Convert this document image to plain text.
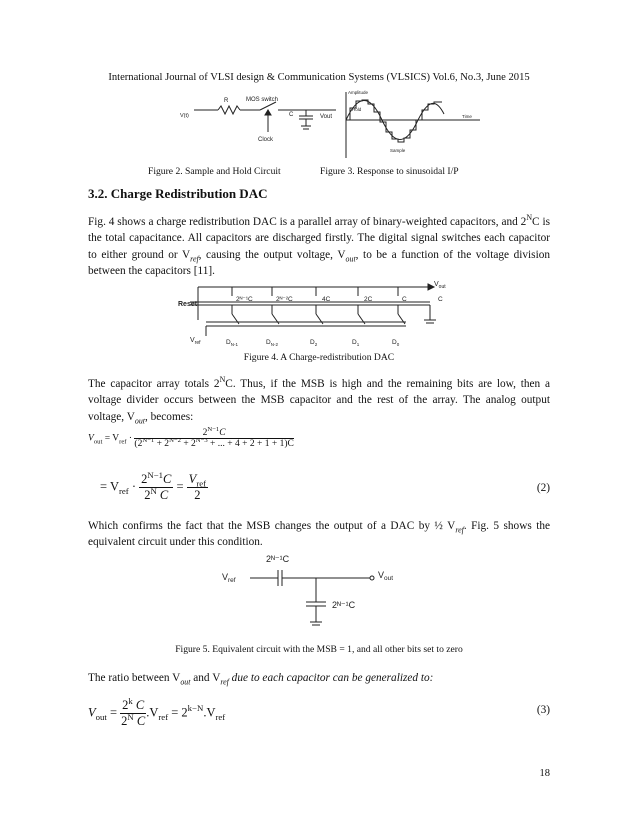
International Journal of VLSI design & Communication Systems (VLSICS) Vol.6, No.3, June 2015
R	MOS switch
V(t)
Clock
C	Vout
Amplitude
Hold
Time
Sample
Figure 2. Sample and Hold Circuit	Figure 3. Response to sinusoidal I/P
3.2. Charge Redistribution DAC
Fig. 4 shows a charge redistribution DAC is a parallel array of binary-weighted capacitors, and $2^NC$ is the total capacitance. All capacitors are discharged firstly. The digital signal switches each capacitor to either ground or $V_{ref}$, causing the output voltage, $V_{out}$, to be a function of the voltage division between the capacitors [11].
$V_{out}$
Reset
$V_{ref}$
2ᴺ⁻¹C	2ᴺ⁻²C	4C	2C	C	C
$D_{N-1}$	$D_{N-2}$	$D_2$	$D_1$	$D_0$
Figure 4. A Charge-redistribution DAC
The capacitor array totals $2^NC$. Thus, if the MSB is high and the remaining bits are low, then a voltage divider occurs between the MSB capacitor and the rest of the array. The analog output voltage, $V_{out}$, becomes:
$V_{out} = V_{ref} \cdot \frac{2^{N-1}C}{(2^{N-1} + 2^{N-2} + 2^{N-3} + ... + 4 + 2 + 1 + 1)C}$
= $V_{ref} \cdot \frac{2^{N-1}C}{2^N C} = \frac{V_{ref}}{2}$	(2)
Which confirms the fact that the MSB changes the output of a DAC by ½ $V_{ref}$. Fig. 5 shows the equivalent circuit under this condition.
2ᴺ⁻¹C
$V_{ref}$
$V_{out}$
2ᴺ⁻¹C
Figure 5. Equivalent circuit with the MSB = 1, and all other bits set to zero
The ratio between $V_{out}$ and $V_{ref}$ due to each capacitor can be generalized to:
$V_{out} = \frac{2^k C}{2^N C} .V_{ref} = 2^{k-N}.V_{ref}$
(3)
18
